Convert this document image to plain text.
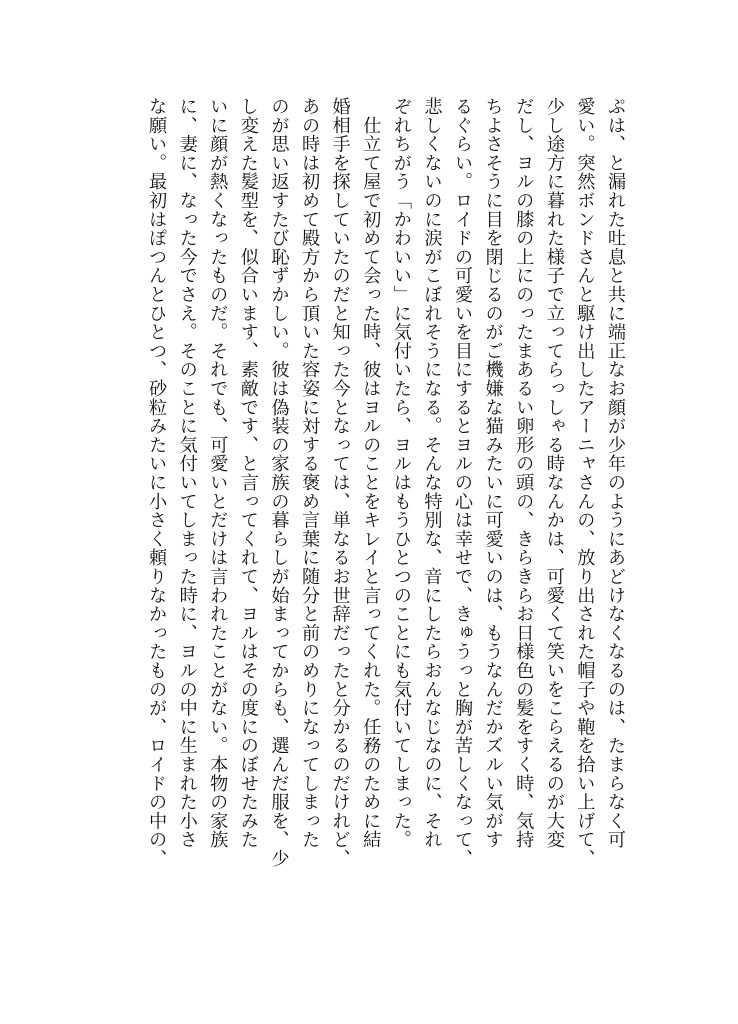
ぷは、と漏れた吐息と共に端正なお顔が少年のようにあどけなくなるのは、たまらなく可
愛い。突然ボンドさんと駆け出したアーニャさんの、放り出された帽子や鞄を拾い上げて、
少し途方に暮れた様子で立ってらっしゃる時なんかは、可愛くて笑いをこらえるのが大変
だし、ヨルの膝の上にのったまあるい卵形の頭の、きらきらお日様色の髪をすく時、気持
ちよさそうに目を閉じるのがご機嫌な猫みたいに可愛いのは、もうなんだかズルい気がす
るぐらい。ロイドの可愛いを目にするとヨルの心は幸せで、きゅうっと胸が苦しくなって、
悲しくないのに涙がこぼれそうになる。そんな特別な、音にしたらおんなじなのに、それ
ぞれちがう「かわいい」に気付いたら、ヨルはもうひとつのことにも気付いてしまった。
　仕立て屋で初めて会った時、彼はヨルのことをキレイと言ってくれた。任務のために結
婚相手を探していたのだと知った今となっては、単なるお世辞だったと分かるのだけれど、
あの時は初めて殿方から頂いた容姿に対する褒め言葉に随分と前のめりになってしまった
のが思い返すたび恥ずかしい。彼は偽装の家族の暮らしが始まってからも、選んだ服を、少
し変えた髪型を、似合います、素敵です、と言ってくれて、ヨルはその度にのぼせたみた
いに顔が熱くなったものだ。それでも、可愛いとだけは言われたことがない。本物の家族
に、妻に、なった今でさえ。そのことに気付いてしまった時に、ヨルの中に生まれた小さ
な願い。最初はぽつんとひとつ、砂粒みたいに小さく頼りなかったものが、ロイドの中の、
